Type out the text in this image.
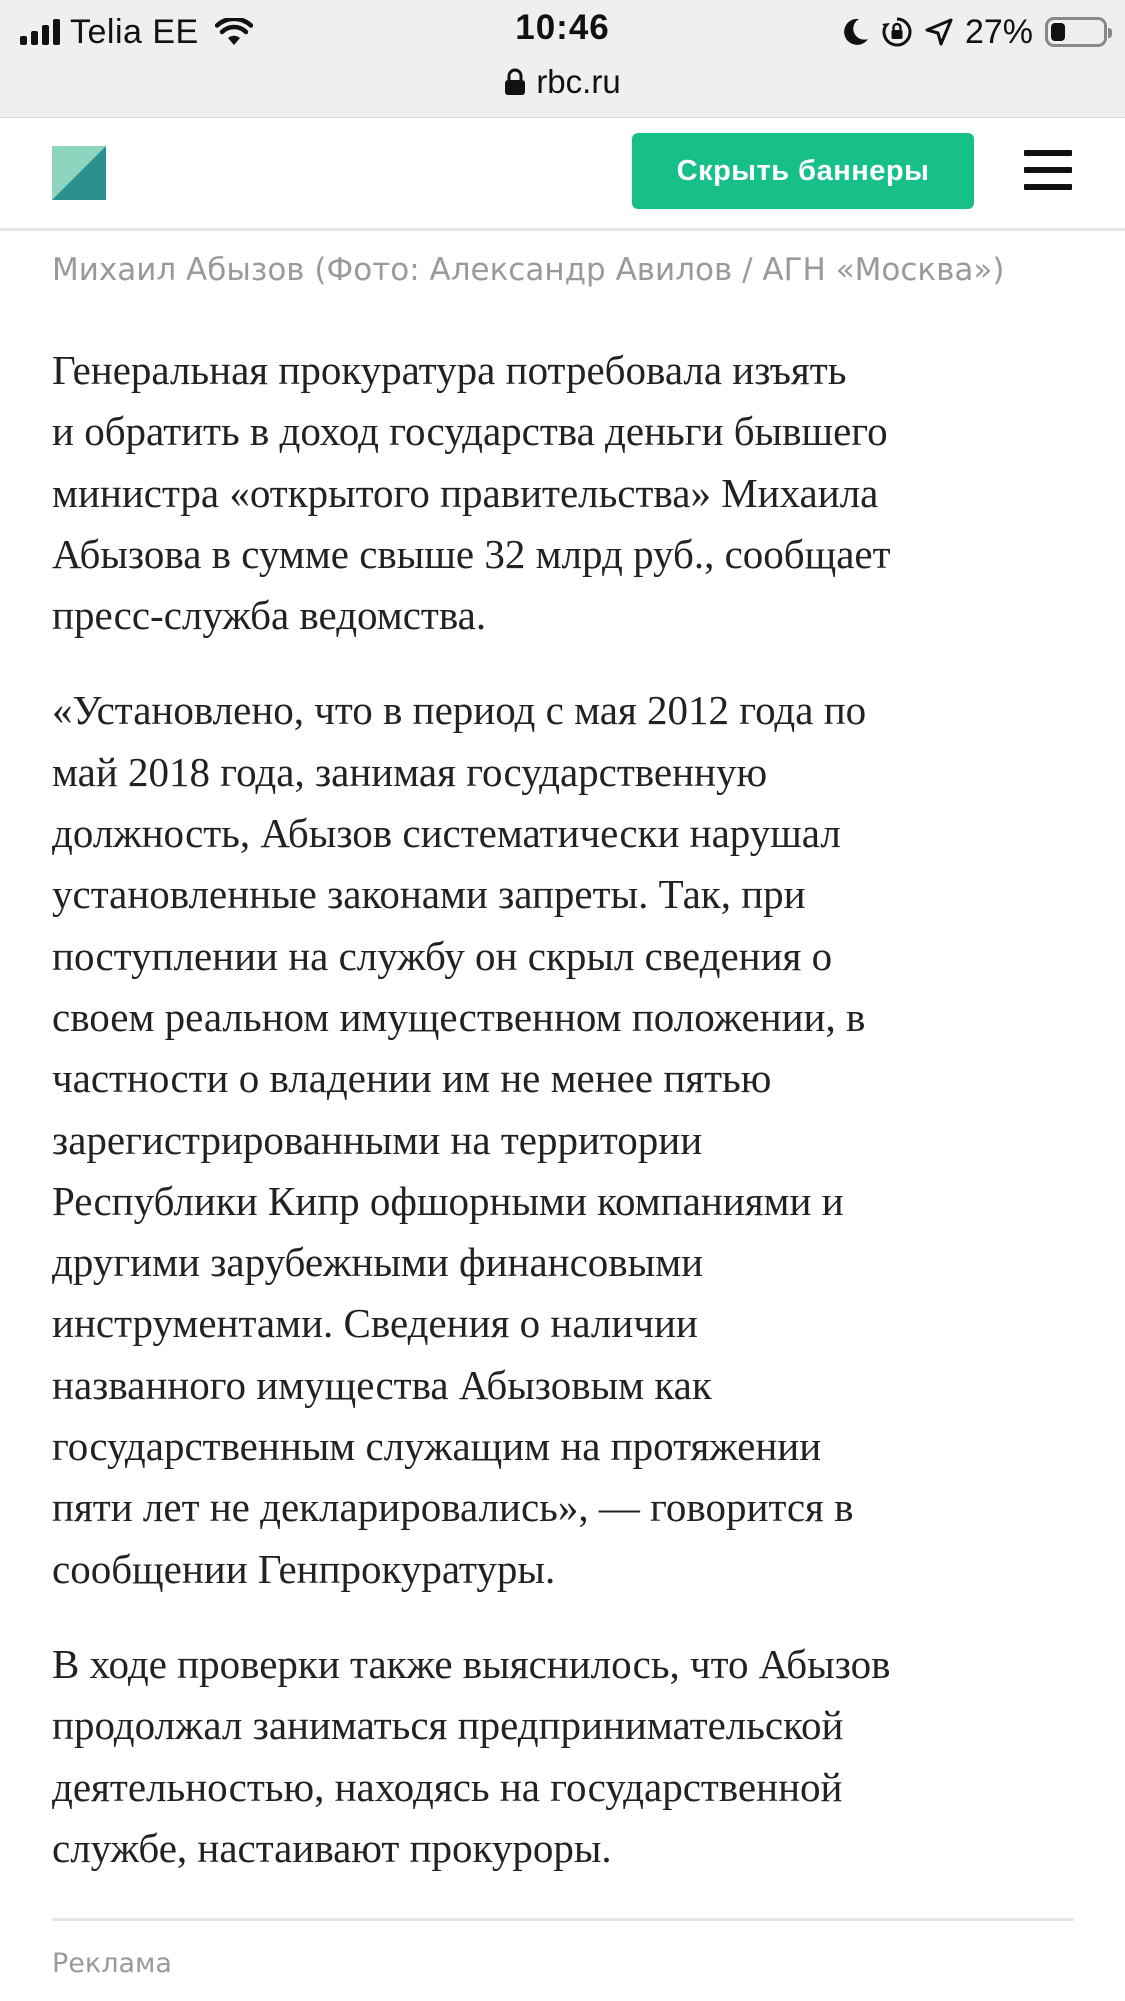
Telia EE	10:46	27%
rbc.ru
Скрыть баннеры
Михаил Абызов (Фото: Александр Авилов / АГН «Москва»)

Генеральная прокуратура потребовала изъять
и обратить в доход государства деньги бывшего
министра «открытого правительства» Михаила
Абызова в сумме свыше 32 млрд руб., сообщает
пресс-служба ведомства.

«Установлено, что в период с мая 2012 года по
май 2018 года, занимая государственную
должность, Абызов систематически нарушал
установленные законами запреты. Так, при
поступлении на службу он скрыл сведения о
своем реальном имущественном положении, в
частности о владении им не менее пятью
зарегистрированными на территории
Республики Кипр офшорными компаниями и
другими зарубежными финансовыми
инструментами. Сведения о наличии
названного имущества Абызовым как
государственным служащим на протяжении
пяти лет не декларировались», — говорится в
сообщении Генпрокуратуры.

В ходе проверки также выяснилось, что Абызов
продолжал заниматься предпринимательской
деятельностью, находясь на государственной
службе, настаивают прокуроры.

Реклама
